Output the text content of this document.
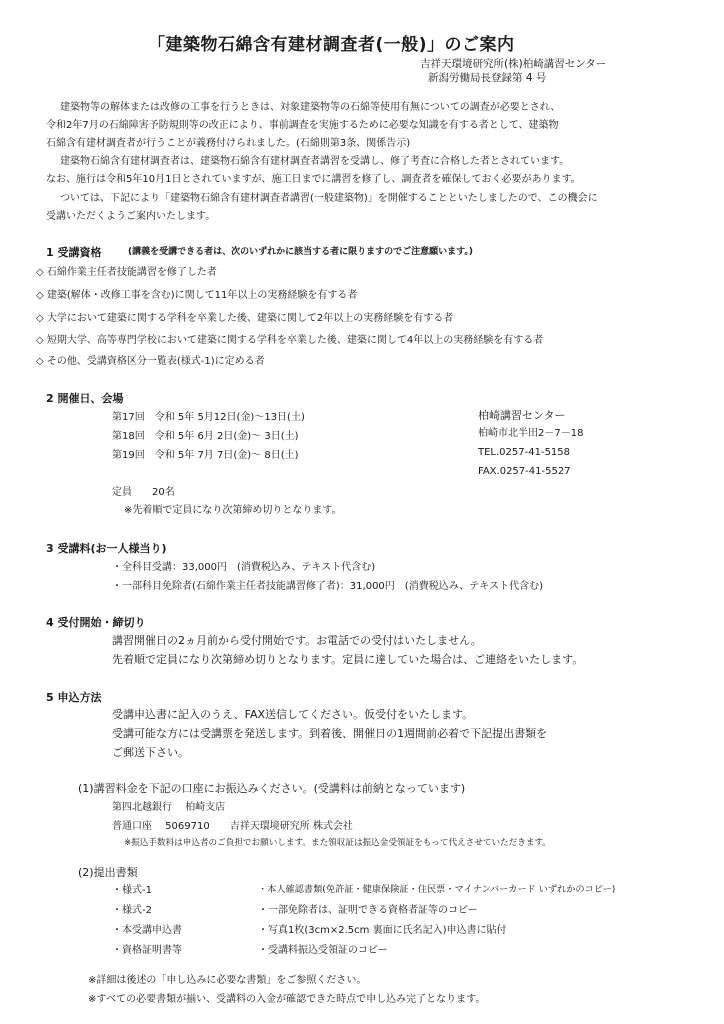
「建築物石綿含有建材調査者(一般)」のご案内
吉祥天環境研究所(株)柏崎講習センター
新潟労働局長登録第 4 号
建築物等の解体または改修の工事を行うときは、対象建築物等の石綿等使用有無についての調査が必要とされ、
令和2年7月の石綿障害予防規則等の改正により、事前調査を実施するために必要な知識を有する者として、建築物
石綿含有建材調査者が行うことが義務付けられました。(石綿則第3条、関係告示)
建築物石綿含有建材調査者は、建築物石綿含有建材調査者講習を受講し、修了考査に合格した者とされています。
なお、施行は令和5年10月1日とされていますが、施工日までに講習を修了し、調査者を確保しておく必要があります。
ついては、下記により「建築物石綿含有建材調査者講習(一般建築物)」を開催することといたしましたので、この機会に
受講いただくようご案内いたします。
1 受講資格	(講義を受講できる者は、次のいずれかに該当する者に限りますのでご注意願います。)
◇ 石綿作業主任者技能講習を修了した者
◇ 建築(解体・改修工事を含む)に関して11年以上の実務経験を有する者
◇ 大学において建築に関する学科を卒業した後、建築に関して2年以上の実務経験を有する者
◇ 短期大学、高等専門学校において建築に関する学科を卒業した後、建築に関して4年以上の実務経験を有する者
◇ その他、受講資格区分一覧表(様式-1)に定める者
2 開催日、会場
第17回　令和 5年 5月12日(金)～13日(土)
第18回　令和 5年 6月 2日(金)～ 3日(土)
第19回　令和 5年 7月 7日(金)～ 8日(土)
柏崎講習センター
柏崎市北半田2－7－18
TEL.0257-41-5158
FAX.0257-41-5527
定員　　20名
※先着順で定員になり次第締め切りとなります。
3 受講料(お一人様当り)
・全科目受講：33,000円　(消費税込み、テキスト代含む)
・一部科目免除者(石綿作業主任者技能講習修了者)：31,000円　(消費税込み、テキスト代含む)
4 受付開始・締切り
講習開催日の2ヵ月前から受付開始です。お電話での受付はいたしません。
先着順で定員になり次第締め切りとなります。定員に達していた場合は、ご連絡をいたします。
5 申込方法
受講申込書に記入のうえ、FAX送信してください。仮受付をいたします。
受講可能な方には受講票を発送します。到着後、開催日の1週間前必着で下記提出書類を
ご郵送下さい。
(1)講習料金を下記の口座にお振込みください。(受講料は前納となっています)
第四北越銀行　 柏崎支店
普通口座　 5069710　　吉祥天環境研究所 株式会社
※振込手数料は申込者のご負担でお願いします。また領収証は振込金受領証をもって代えさせていただきます。
(2)提出書類
・様式-1
・様式-2
・本受講申込書
・資格証明書等
・本人確認書類(免許証・健康保険証・住民票・マイナンバーカード いずれかのコピー)
・一部免除者は、証明できる資格者証等のコピー
・写真1枚(3cm×2.5cm 裏面に氏名記入)申込書に貼付
・受講料振込受領証のコピー
※詳細は後述の「申し込みに必要な書類」をご参照ください。
※すべての必要書類が揃い、受講料の入金が確認できた時点で申し込み完了となります。
